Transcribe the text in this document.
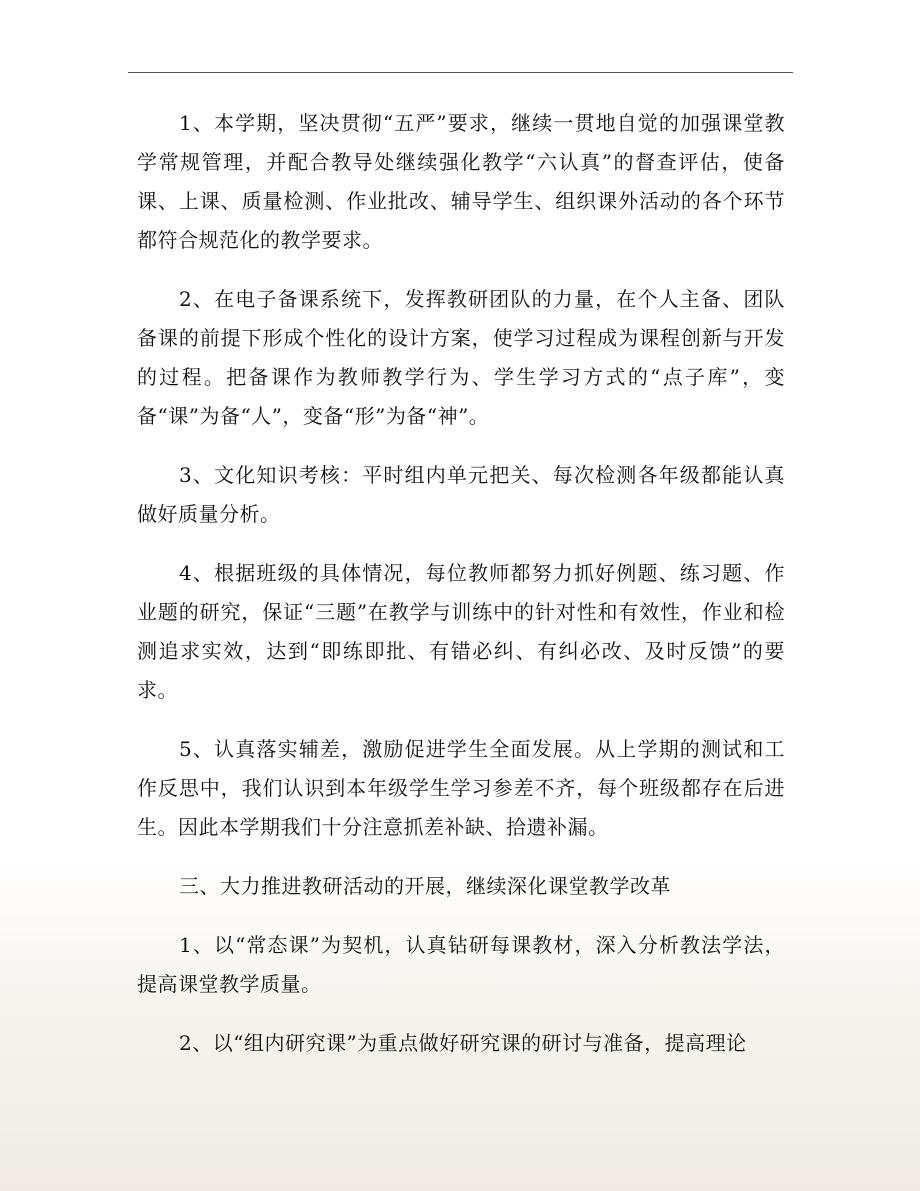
1、本学期，坚决贯彻“五严”要求，继续一贯地自觉的加强课堂教学常规管理，并配合教导处继续强化教学“六认真”的督查评估，使备课、上课、质量检测、作业批改、辅导学生、组织课外活动的各个环节都符合规范化的教学要求。

2、在电子备课系统下，发挥教研团队的力量，在个人主备、团队备课的前提下形成个性化的设计方案，使学习过程成为课程创新与开发的过程。把备课作为教师教学行为、学生学习方式的“点子库”，变备“课”为备“人”，变备“形”为备“神”。

3、文化知识考核：平时组内单元把关、每次检测各年级都能认真做好质量分析。

4、根据班级的具体情况，每位教师都努力抓好例题、练习题、作业题的研究，保证“三题”在教学与训练中的针对性和有效性，作业和检测追求实效，达到“即练即批、有错必纠、有纠必改、及时反馈”的要求。

5、认真落实辅差，激励促进学生全面发展。从上学期的测试和工作反思中，我们认识到本年级学生学习参差不齐，每个班级都存在后进生。因此本学期我们十分注意抓差补缺、拾遗补漏。

三、大力推进教研活动的开展，继续深化课堂教学改革

1、以“常态课”为契机，认真钻研每课教材，深入分析教法学法，提高课堂教学质量。

2、以“组内研究课”为重点做好研究课的研讨与准备，提高理论
